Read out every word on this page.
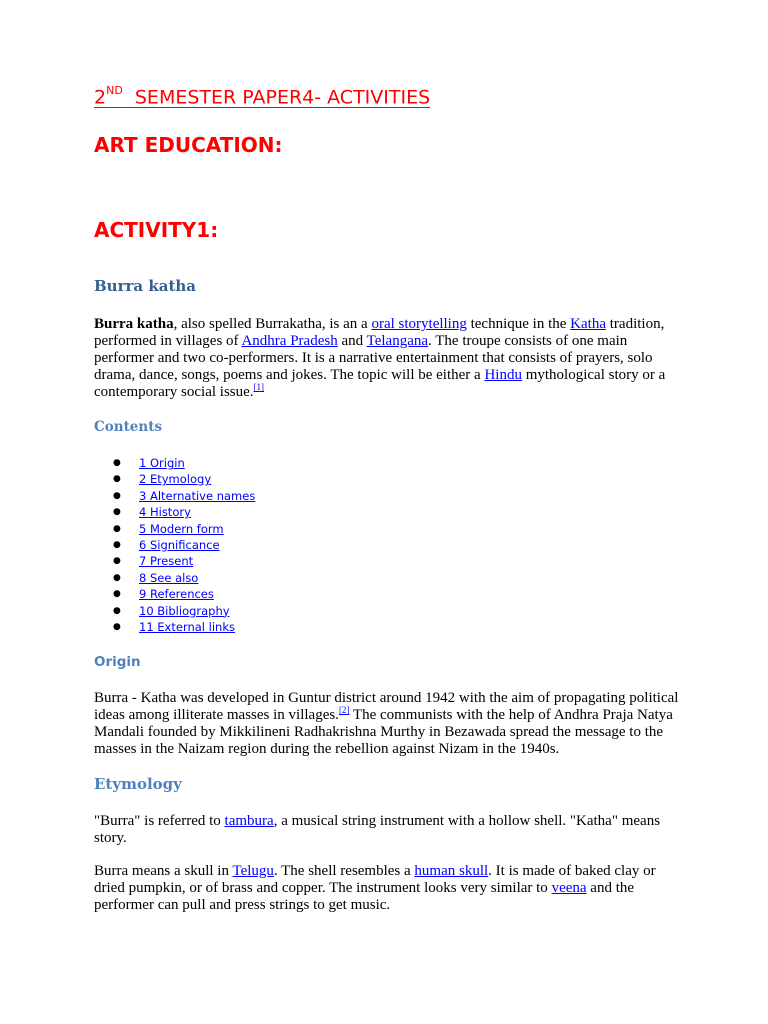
2ND  SEMESTER PAPER4- ACTIVITIES
ART EDUCATION:
ACTIVITY1:
Burra katha
Burra katha, also spelled Burrakatha, is an a oral storytelling technique in the Katha tradition, performed in villages of Andhra Pradesh and Telangana. The troupe consists of one main performer and two co-performers. It is a narrative entertainment that consists of prayers, solo drama, dance, songs, poems and jokes. The topic will be either a Hindu mythological story or a contemporary social issue.[1]
Contents
● 1 Origin
● 2 Etymology
● 3 Alternative names
● 4 History
● 5 Modern form
● 6 Significance
● 7 Present
● 8 See also
● 9 References
● 10 Bibliography
● 11 External links
Origin
Burra - Katha was developed in Guntur district around 1942 with the aim of propagating political ideas among illiterate masses in villages.[2] The communists with the help of Andhra Praja Natya Mandali founded by Mikkilineni Radhakrishna Murthy in Bezawada spread the message to the masses in the Naizam region during the rebellion against Nizam in the 1940s.
Etymology
"Burra" is referred to tambura, a musical string instrument with a hollow shell. "Katha" means story.
Burra means a skull in Telugu. The shell resembles a human skull. It is made of baked clay or dried pumpkin, or of brass and copper. The instrument looks very similar to veena and the performer can pull and press strings to get music.
